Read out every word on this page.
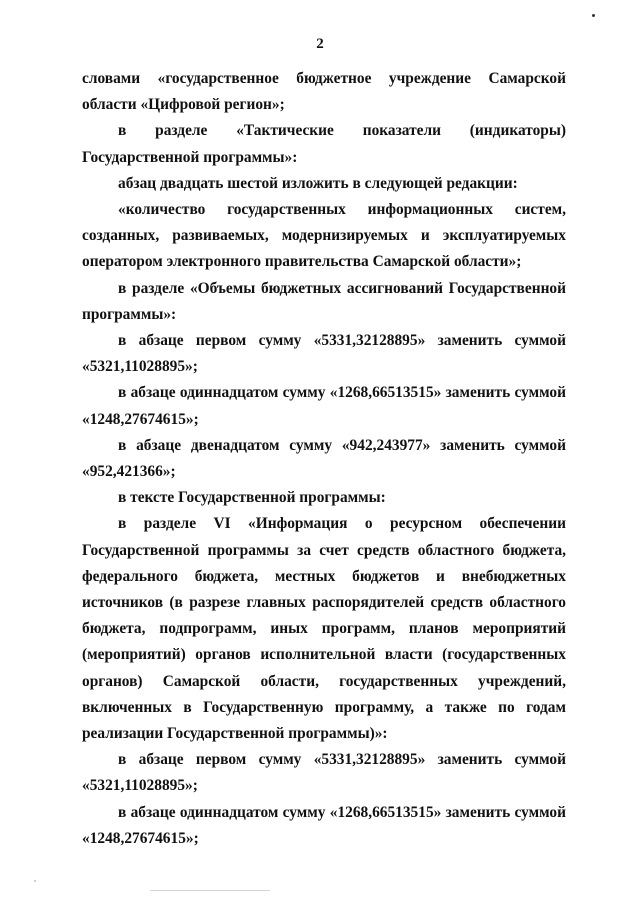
2

словами «государственное бюджетное учреждение Самарской области «Цифровой регион»;

в разделе «Тактические показатели (индикаторы) Государственной программы»:

абзац двадцать шестой изложить в следующей редакции:

«количество государственных информационных систем, созданных, развиваемых, модернизируемых и эксплуатируемых оператором электронного правительства Самарской области»;

в разделе «Объемы бюджетных ассигнований Государственной программы»:

в абзаце первом сумму «5331,32128895» заменить суммой «5321,11028895»;

в абзаце одиннадцатом сумму «1268,66513515» заменить суммой «1248,27674615»;

в абзаце двенадцатом сумму «942,243977» заменить суммой «952,421366»;

в тексте Государственной программы:

в разделе VI «Информация о ресурсном обеспечении Государственной программы за счет средств областного бюджета, федерального бюджета, местных бюджетов и внебюджетных источников (в разрезе главных распорядителей средств областного бюджета, подпрограмм, иных программ, планов мероприятий (мероприятий) органов исполнительной власти (государственных органов) Самарской области, государственных учреждений, включенных в Государственную программу, а также по годам реализации Государственной программы)»:

в абзаце первом сумму «5331,32128895» заменить суммой «5321,11028895»;

в абзаце одиннадцатом сумму «1268,66513515» заменить суммой «1248,27674615»;
